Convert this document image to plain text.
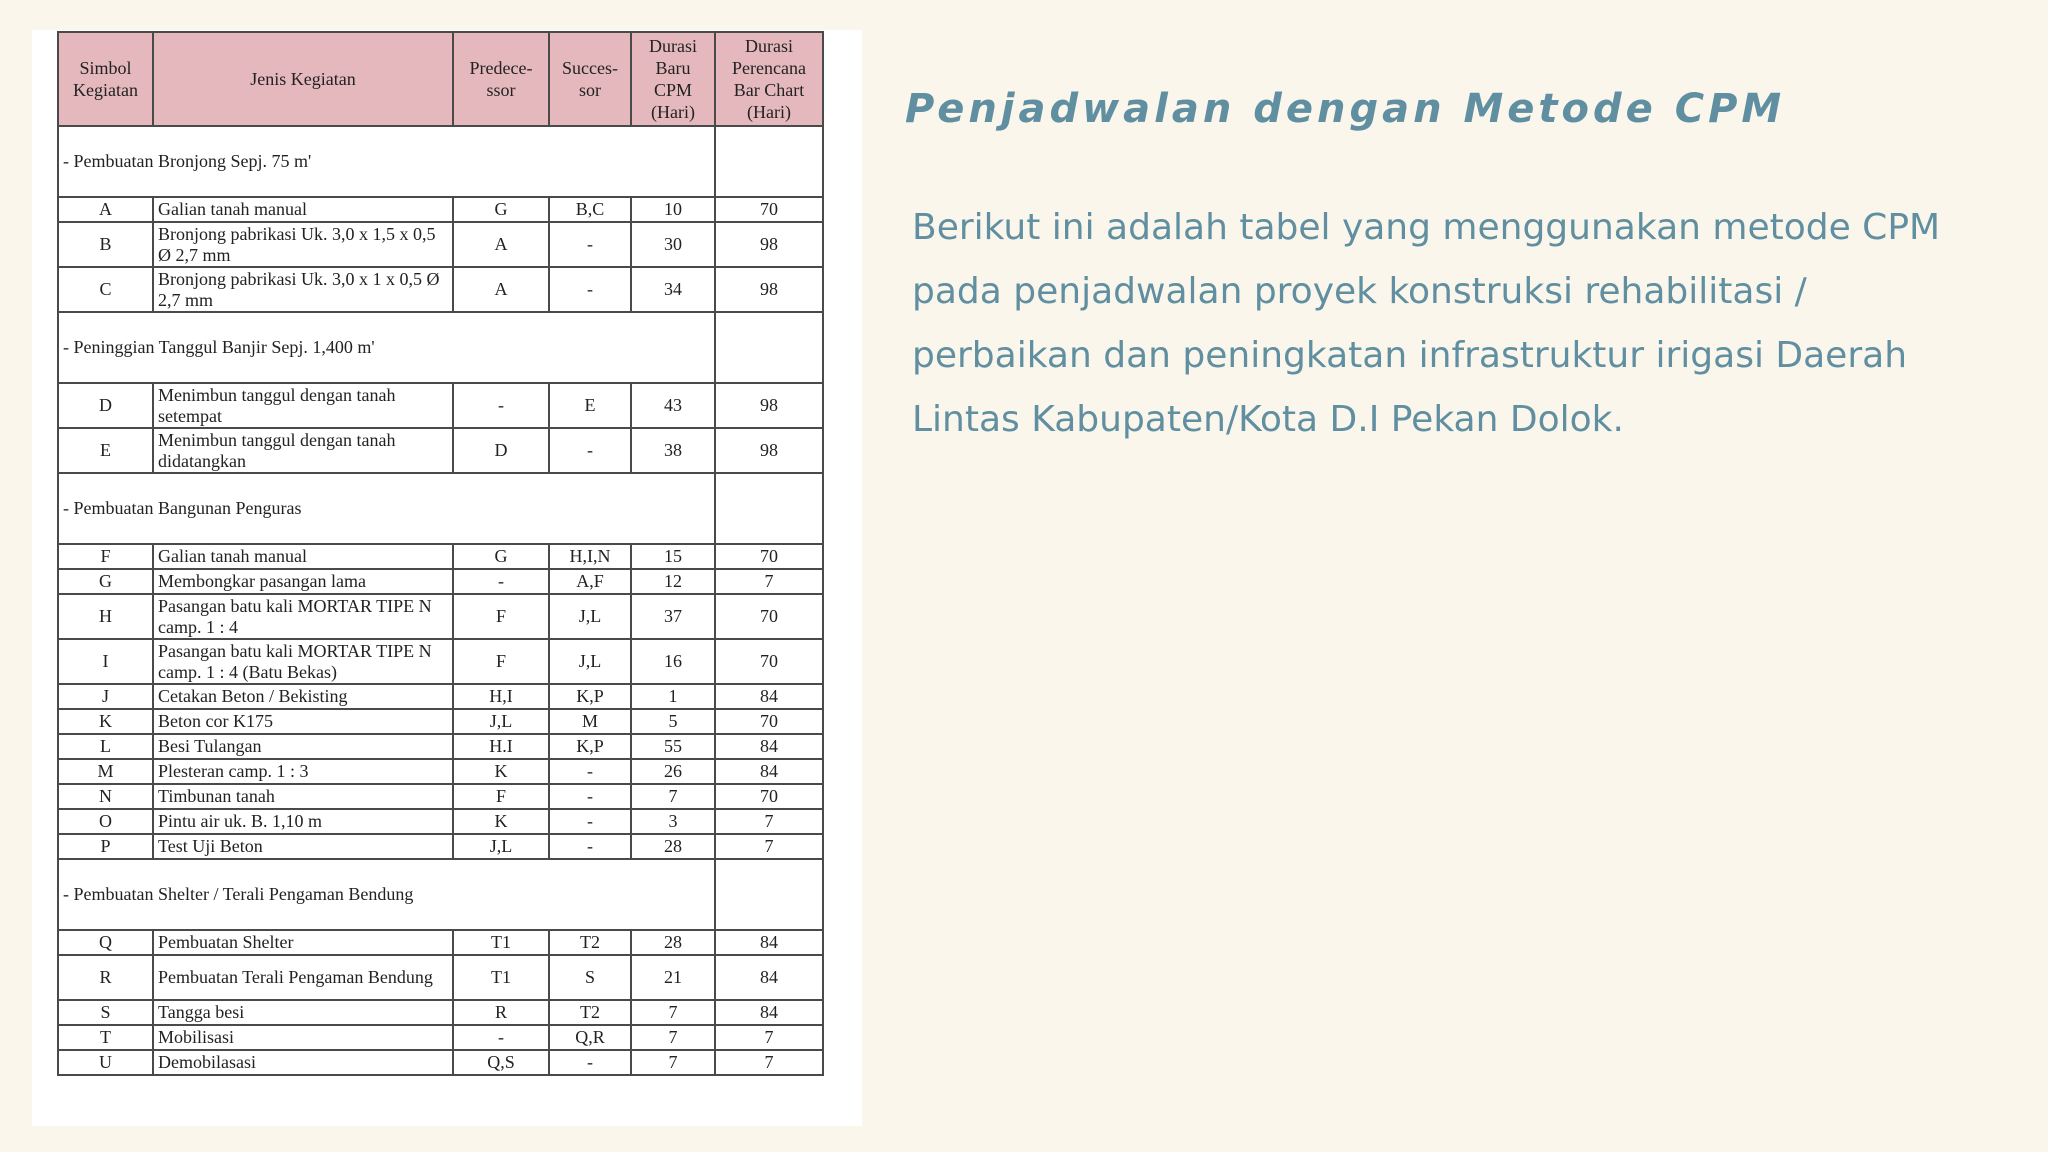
Simbol Kegiatan	Jenis Kegiatan	Predece-ssor	Succes-sor	Durasi Baru CPM (Hari)	Durasi Perencana Bar Chart (Hari)
- Pembuatan Bronjong Sepj. 75 m'					
A	Galian tanah manual	G	B,C	10	70
B	Bronjong pabrikasi Uk. 3,0 x 1,5 x 0,5 Ø 2,7 mm	A	-	30	98
C	Bronjong pabrikasi Uk. 3,0 x 1 x 0,5 Ø 2,7 mm	A	-	34	98
- Peninggian Tanggul Banjir Sepj. 1,400 m'					
D	Menimbun tanggul dengan tanah setempat	-	E	43	98
E	Menimbun tanggul dengan tanah didatangkan	D	-	38	98
- Pembuatan Bangunan Penguras					
F	Galian tanah manual	G	H,I,N	15	70
G	Membongkar pasangan lama	-	A,F	12	7
H	Pasangan batu kali MORTAR TIPE N camp. 1 : 4	F	J,L	37	70
I	Pasangan batu kali MORTAR TIPE N camp. 1 : 4 (Batu Bekas)	F	J,L	16	70
J	Cetakan Beton / Bekisting	H,I	K,P	1	84
K	Beton cor K175	J,L	M	5	70
L	Besi Tulangan	H.I	K,P	55	84
M	Plesteran camp. 1 : 3	K	-	26	84
N	Timbunan tanah	F	-	7	70
O	Pintu air uk. B. 1,10 m	K	-	3	7
P	Test Uji Beton	J,L	-	28	7
- Pembuatan Shelter / Terali Pengaman Bendung					
Q	Pembuatan Shelter	T1	T2	28	84
R	Pembuatan Terali Pengaman Bendung	T1	S	21	84
S	Tangga besi	R	T2	7	84
T	Mobilisasi	-	Q,R	7	7
U	Demobilasasi	Q,S	-	7	7
Penjadwalan dengan Metode CPM

Berikut ini adalah tabel yang menggunakan metode CPM pada penjadwalan proyek konstruksi rehabilitasi / perbaikan dan peningkatan infrastruktur irigasi Daerah Lintas Kabupaten/Kota D.I Pekan Dolok.
